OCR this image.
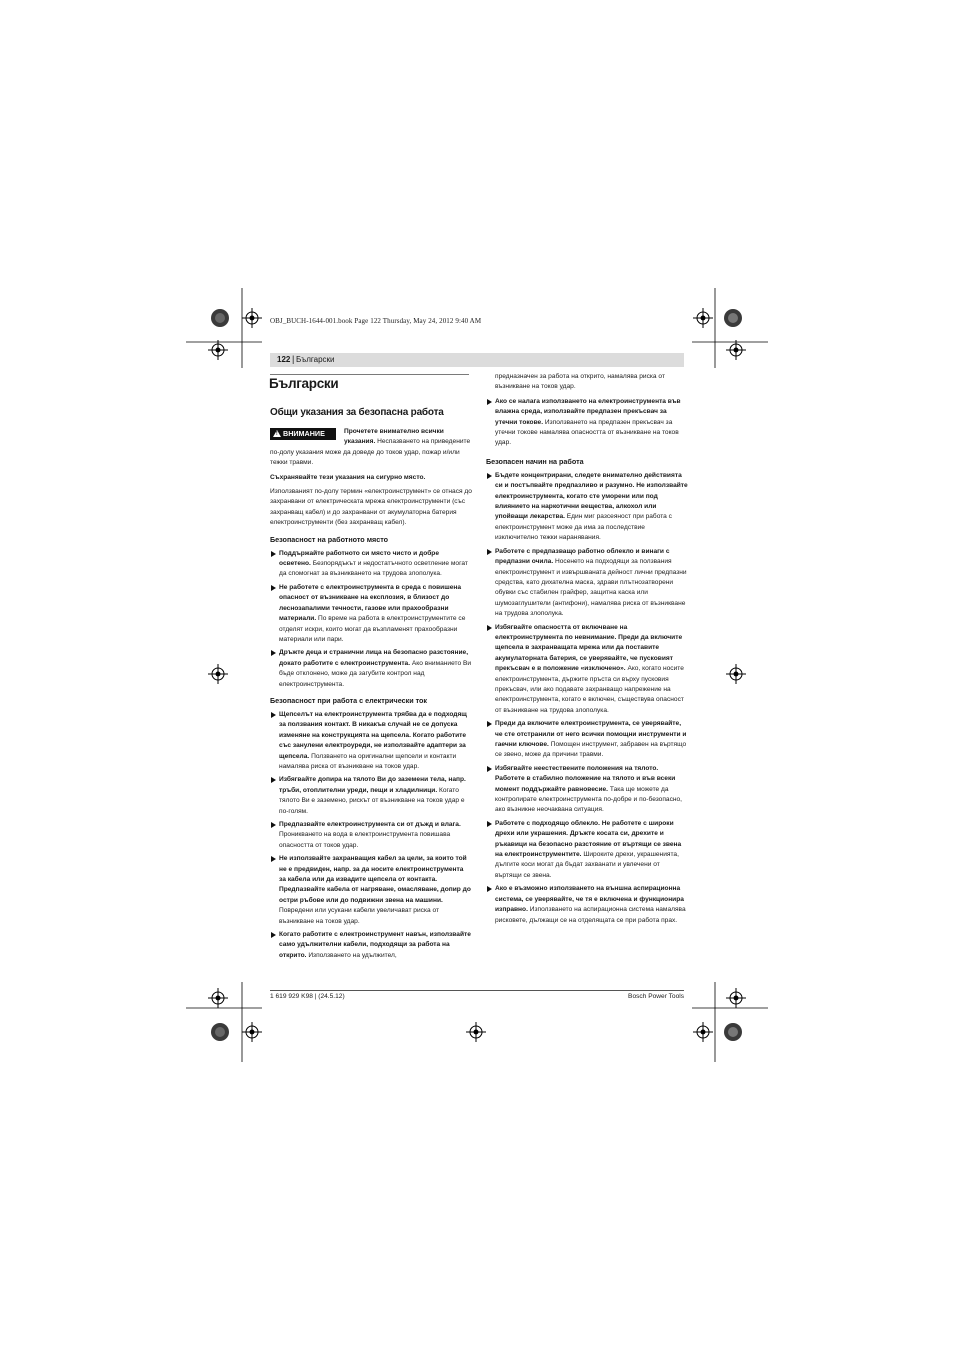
OBJ_BUCH-1644-001.book Page 122 Thursday, May 24, 2012 9:40 AM
122 | Български
Български
Общи указания за безопасна работа
!ВНИМАНИЕ	Прочетете внимателно всички указания. Неспазването на приведените по-долу указания може да доведе до токов удар, пожар и/или тежки травми.

Съхранявайте тези указания на сигурно място.

Използваният по-долу термин «електроинструмент» се отнася до захранвани от електрическата мрежа електроинструменти (със захранващ кабел) и до захранвани от акумулаторна батерия електроинструменти (без захранващ кабел).

Безопасност на работното място
Поддържайте работното си място чисто и добре осветено. Безпорядъкът и недостатъчното осветление могат да спомогнат за възникването на трудова злополука.
Не работете с електроинструмента в среда с повишена опасност от възникване на експлозия, в близост до леснозапалими течности, газове или прахообразни материали. По време на работа в електроинструментите се отделят искри, които могат да възпламенят прахообразни материали или пари.
Дръжте деца и странични лица на безопасно разстояние, докато работите с електроинструмента. Ако вниманието Ви бъде отклонено, може да загубите контрол над електроинструмента.
Безопасност при работа с електрически ток
Щепселът на електроинструмента трябва да е подходящ за ползвания контакт. В никакъв случай не се допуска изменяне на конструкцията на щепсела. Когато работите със занулени електроуреди, не използвайте адаптери за щепсела. Ползването на оригинални щепсели и контакти намалява риска от възникване на токов удар.
Избягвайте допира на тялото Ви до заземени тела, напр. тръби, отоплителни уреди, пещи и хладилници. Когато тялото Ви е заземено, рискът от възникване на токов удар е по-голям.
Предпазвайте електроинструмента си от дъжд и влага. Проникването на вода в електроинструмента повишава опасността от токов удар.
Не използвайте захранващия кабел за цели, за които той не е предвиден, напр. за да носите електроинструмента за кабела или да извадите щепсела от контакта. Предпазвайте кабела от нагряване, омасляване, допир до остри ръбове или до подвижни звена на машини. Повредени или усукани кабели увеличават риска от възникване на токов удар.
Когато работите с електроинструмент навън, използвайте само удължителни кабели, подходящи за работа на открито. Използването на удължител,

предназначен за работа на открито, намалява риска от възникване на токов удар.

Ако се налага използването на електроинструмента във влажна среда, използвайте предпазен прекъсвач за утечни токове. Използването на предпазен прекъсвач за утечни токове намалява опасността от възникване на токов удар.
Безопасен начин на работа
Бъдете концентрирани, следете внимателно действията си и постъпвайте предпазливо и разумно. Не използвайте електроинструмента, когато сте уморени или под влиянието на наркотични вещества, алкохол или упойващи лекарства. Един миг разсеяност при работа с електроинструмент може да има за последствие изключително тежки наранявания.
Работете с предпазващо работно облекло и винаги с предпазни очила. Носенето на подходящи за ползвания електроинструмент и извършваната дейност лични предпазни средства, като дихателна маска, здрави плътнозатворени обувки със стабилен грайфер, защитна каска или шумозаглушители (антифони), намалява риска от възникване на трудова злополука.
Избягвайте опасността от включване на електроинструмента по невнимание. Преди да включите щепсела в захранващата мрежа или да поставите акумулаторната батерия, се уверявайте, че пусковият прекъсвач е в положение «изключено». Ако, когато носите електроинструмента, държите пръста си върху пусковия прекъсвач, или ако подавате захранващо напрежение на електроинструмента, когато е включен, съществува опасност от възникване на трудова злополука.
Преди да включите електроинструмента, се уверявайте, че сте отстранили от него всички помощни инструменти и гаечни ключове. Помощен инструмент, забравен на въртящо се звено, може да причини травми.
Избягвайте неестествените положения на тялото. Работете в стабилно положение на тялото и във всеки момент поддържайте равновесие. Така ще можете да контролирате електроинструмента по-добре и по-безопасно, ако възникне неочаквана ситуация.
Работете с подходящо облекло. Не работете с широки дрехи или украшения. Дръжте косата си, дрехите и ръкавици на безопасно разстояние от въртящи се звена на електроинструментите. Широките дрехи, украшенията, дългите коси могат да бъдат захванати и увлечени от въртящи се звена.
Ако е възможно използването на външна аспирационна система, се уверявайте, че тя е включена и функционира изправно. Използването на аспирационна система намалява рисковете, дължащи се на отделящата се при работа прах.
1 619 929 K98 | (24.5.12)	Bosch Power Tools
